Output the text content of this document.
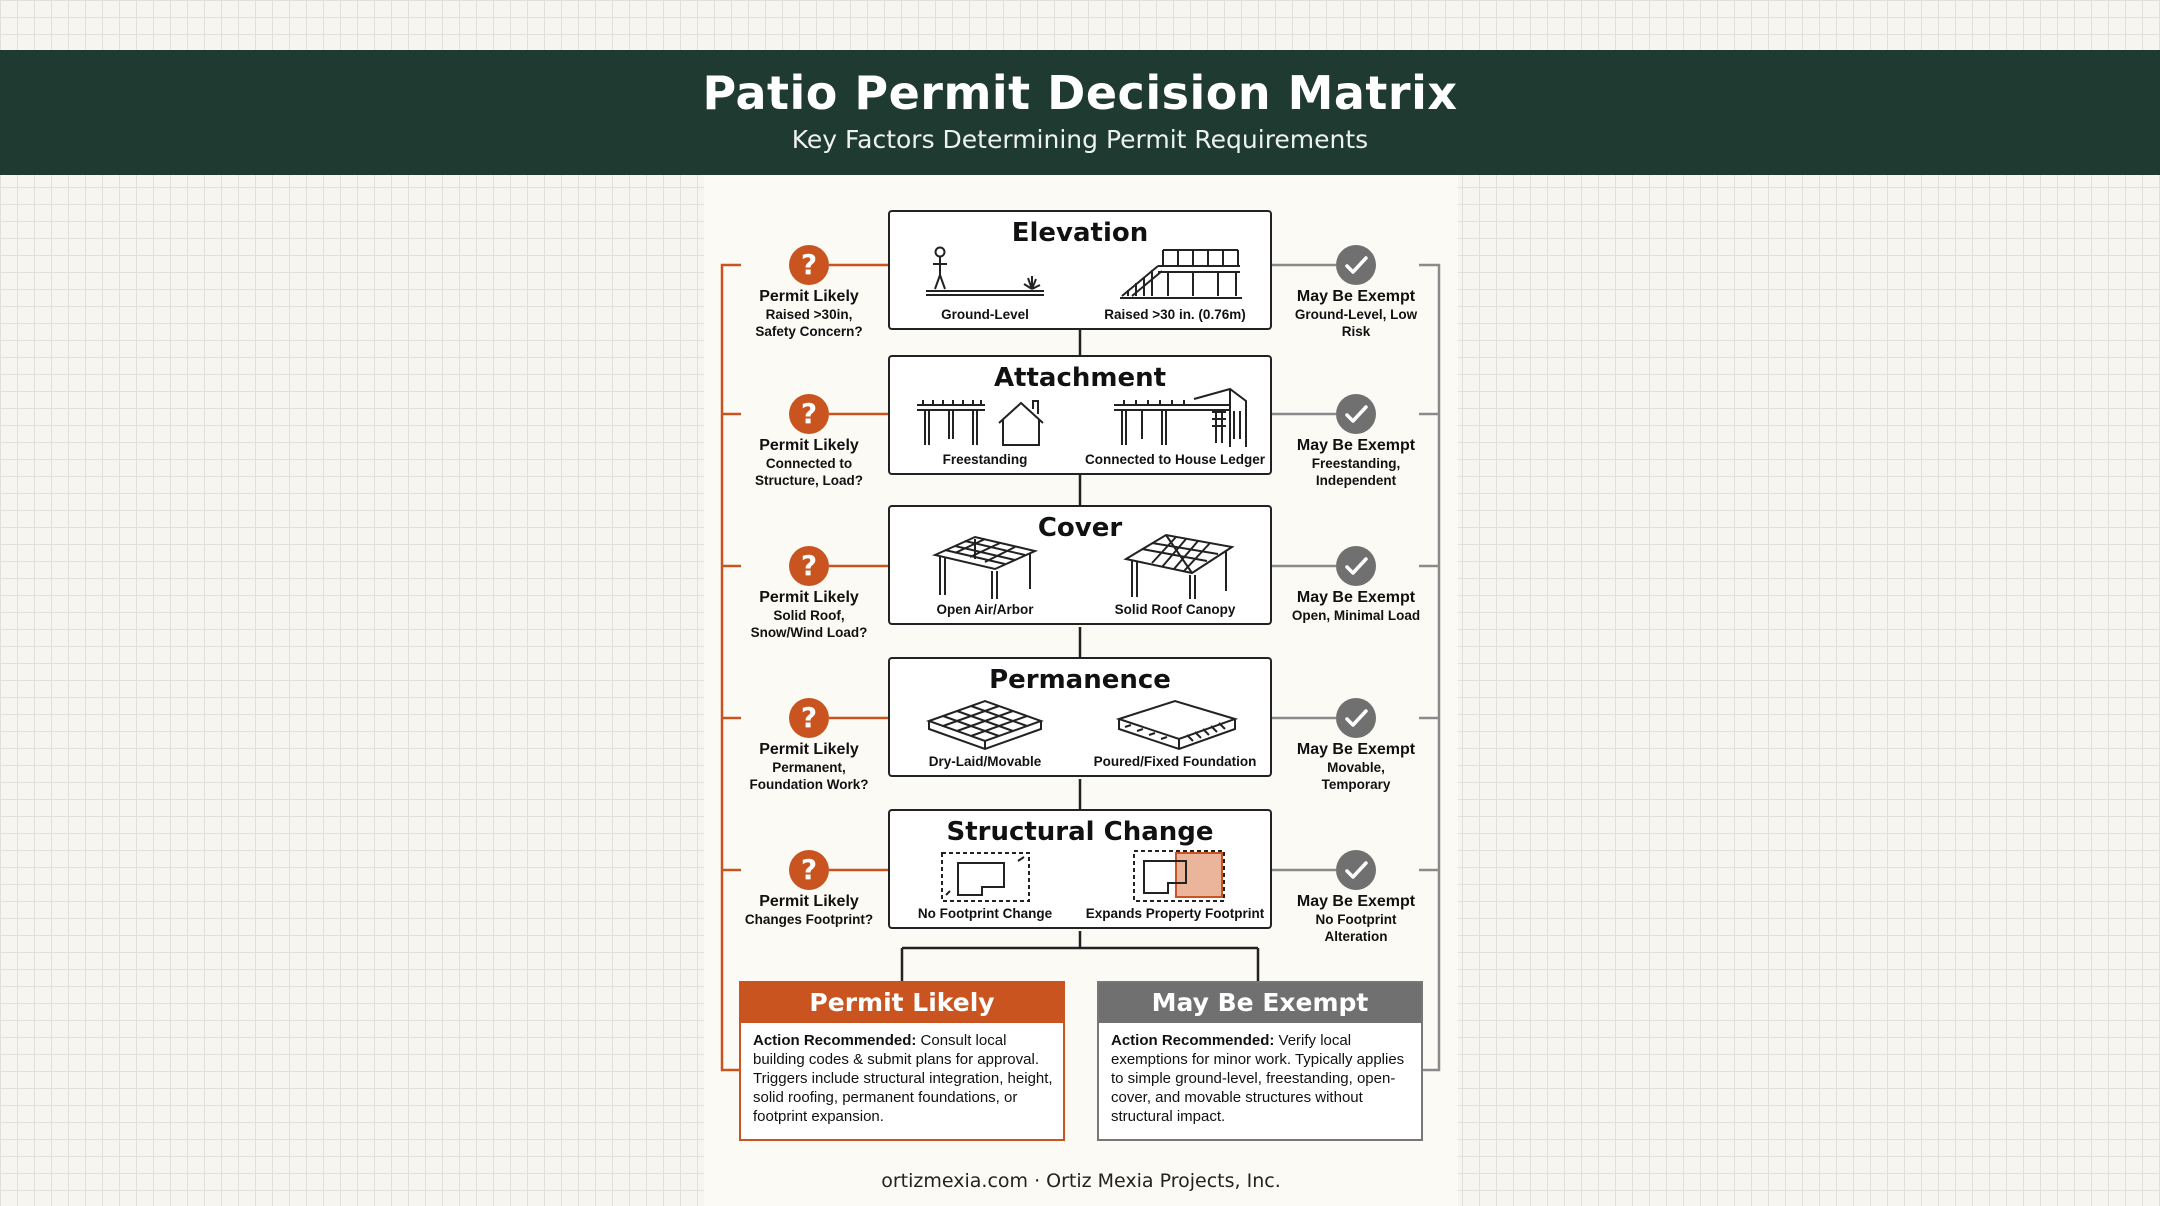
Patio Permit Decision Matrix
Key Factors Determining Permit Requirements
Elevation
Ground-Level	Raised >30 in. (0.76m)
Attachment
Freestanding	Connected to House Ledger
Cover
Open Air/Arbor	Solid Roof Canopy
Permanence
Dry-Laid/Movable	Poured/Fixed Foundation
Structural Change
No Footprint Change	Expands Property Footprint
?
Permit Likely
Raised >30in, Safety Concern?
May Be Exempt
Ground-Level, Low Risk
?
Permit Likely
Connected to Structure, Load?
May Be Exempt
Freestanding, Independent
?
Permit Likely
Solid Roof, Snow/Wind Load?
May Be Exempt
Open, Minimal Load
?
Permit Likely
Permanent, Foundation Work?
May Be Exempt
Movable, Temporary
?
Permit Likely
Changes Footprint?
May Be Exempt
No Footprint Alteration
Permit Likely
Action Recommended: Consult local building codes & submit plans for approval. Triggers include structural integration, height, solid roofing, permanent foundations, or footprint expansion.
May Be Exempt
Action Recommended: Verify local exemptions for minor work. Typically applies to simple ground-level, freestanding, open-cover, and movable structures without structural impact.
ortizmexia.com · Ortiz Mexia Projects, Inc.
